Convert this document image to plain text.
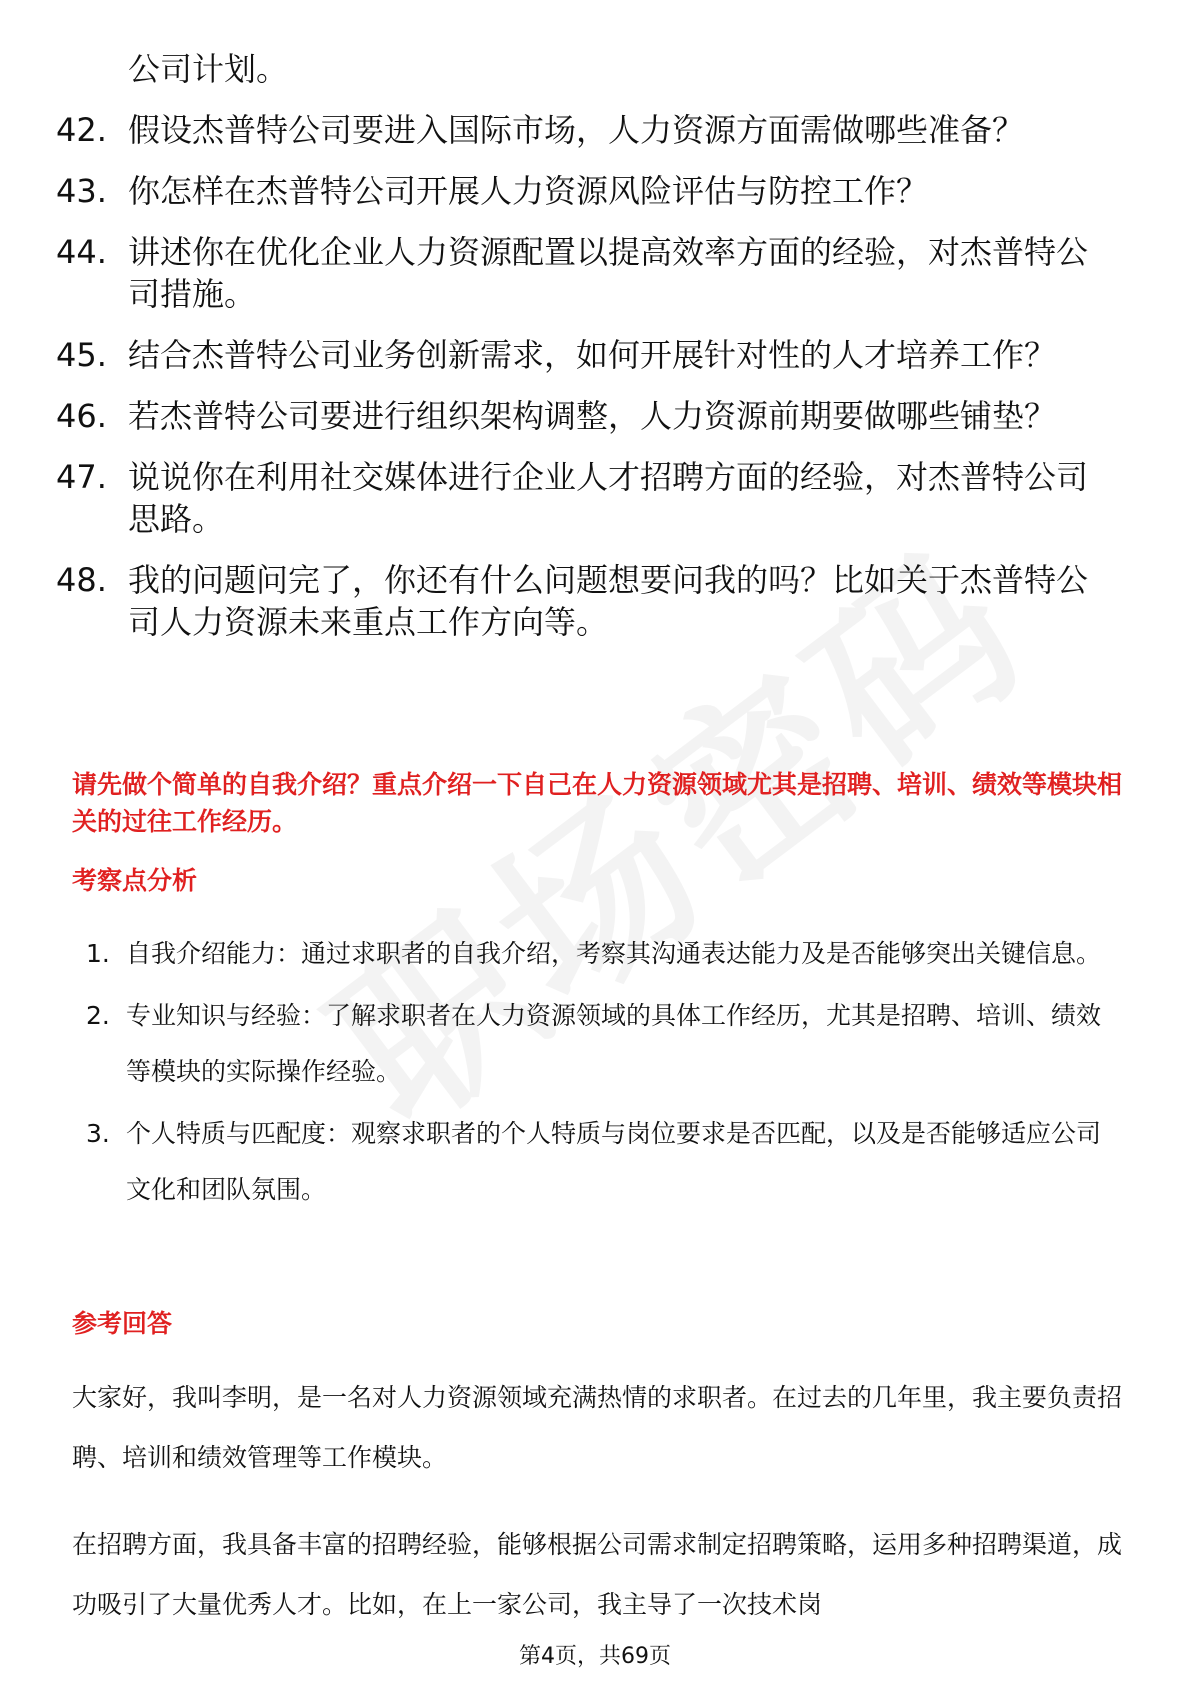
公司计划。
42. 假设杰普特公司要进入国际市场，人力资源方面需做哪些准备？
43. 你怎样在杰普特公司开展人力资源风险评估与防控工作？
44. 讲述你在优化企业人力资源配置以提高效率方面的经验，对杰普特公司措施。
45. 结合杰普特公司业务创新需求，如何开展针对性的人才培养工作？
46. 若杰普特公司要进行组织架构调整，人力资源前期要做哪些铺垫？
47. 说说你在利用社交媒体进行企业人才招聘方面的经验，对杰普特公司思路。
48. 我的问题问完了，你还有什么问题想要问我的吗？比如关于杰普特公司人力资源未来重点工作方向等。
请先做个简单的自我介绍？重点介绍一下自己在人力资源领域尤其是招聘、培训、绩效等模块相关的过往工作经历。
考察点分析
1. 自我介绍能力：通过求职者的自我介绍，考察其沟通表达能力及是否能够突出关键信息。
2. 专业知识与经验：了解求职者在人力资源领域的具体工作经历，尤其是招聘、培训、绩效等模块的实际操作经验。
3. 个人特质与匹配度：观察求职者的个人特质与岗位要求是否匹配，以及是否能够适应公司文化和团队氛围。
参考回答
大家好，我叫李明，是一名对人力资源领域充满热情的求职者。在过去的几年里，我主要负责招聘、培训和绩效管理等工作模块。
在招聘方面，我具备丰富的招聘经验，能够根据公司需求制定招聘策略，运用多种招聘渠道，成功吸引了大量优秀人才。比如，在上一家公司，我主导了一次技术岗
第4页，共69页
